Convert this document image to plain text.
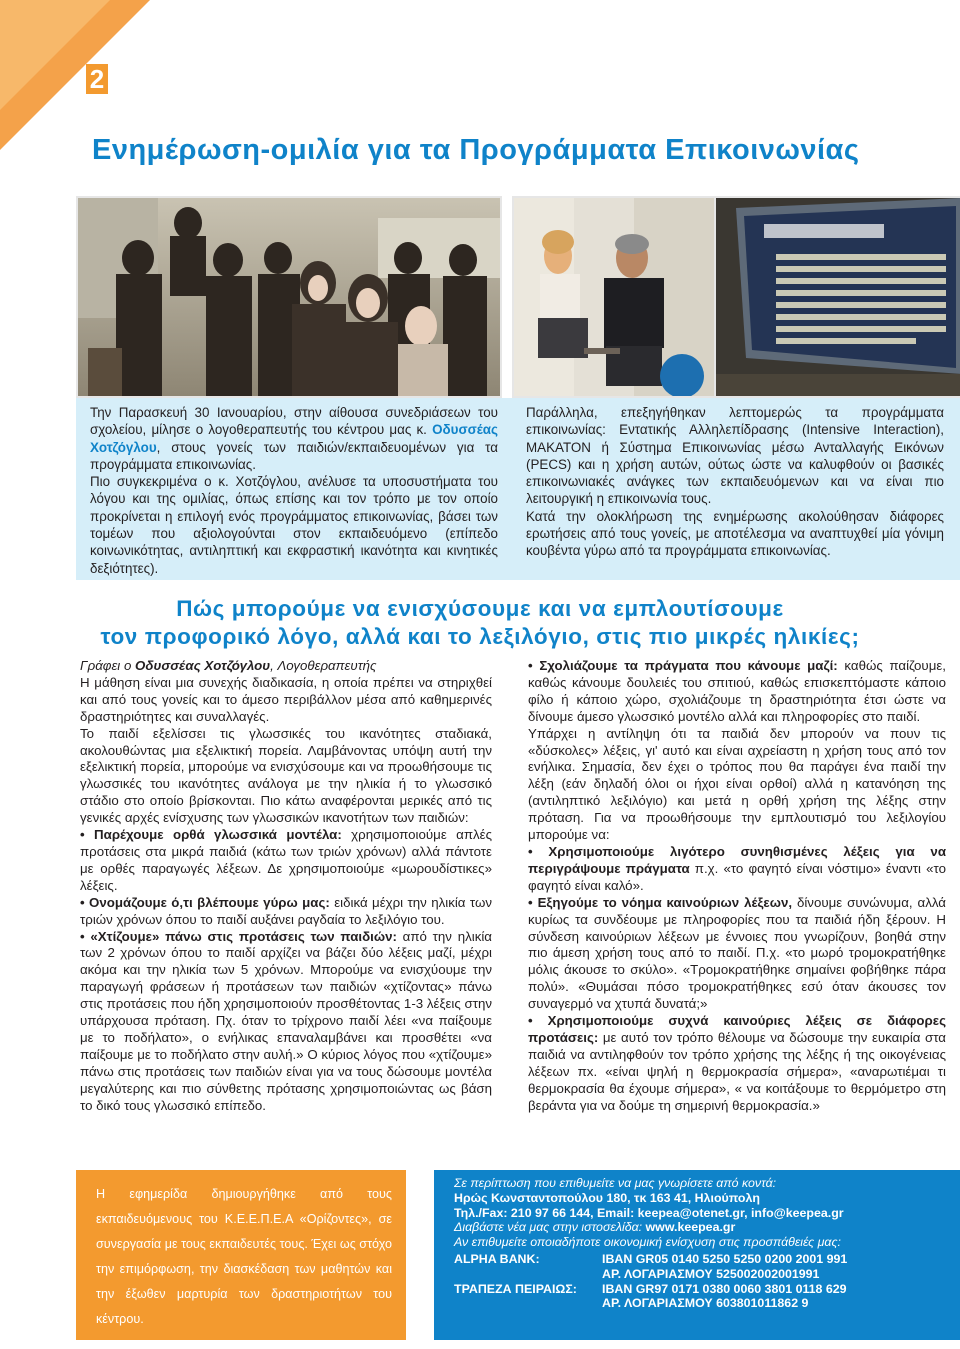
2
Ενημέρωση-ομιλία για τα Προγράμματα Επικοινωνίας

Την Παρασκευή 30 Ιανουαρίου, στην αίθουσα συνεδριάσεων του σχολείου, μίλησε ο λογοθεραπευτής του κέντρου μας κ. Οδυσσέας Χοτζόγλου, στους γονείς των παιδιών/εκπαιδευομένων για τα προγράμματα επικοινωνίας.

Πιο συγκεκριμένα ο κ. Χοτζόγλου, ανέλυσε τα υποσυστήματα του λόγου και της ομιλίας, όπως επίσης και τον τρόπο με τον οποίο προκρίνεται η επιλογή ενός προγράμματος επικοινωνίας, βάσει των τομέων που αξιολογούνται στον εκπαιδευόμενο (επίπεδο κοινωνικότητας, αντιληπτική και εκφραστική ικανότητα και κινητικές δεξιότητες).

Παράλληλα, επεξηγήθηκαν λεπτομερώς τα προγράμματα επικοινωνίας: Εντατικής Αλληλεπίδρασης (Intensive Interaction), ΜΑΚΑΤΟΝ ή Σύστημα Επικοινωνίας μέσω Ανταλλαγής Εικόνων (PECS) και η χρήση αυτών, ούτως ώστε να καλυφθούν οι βασικές επικοινωνιακές ανάγκες των εκπαιδευόμενων και να είναι πιο λειτουργική η επικοινωνία τους.

Κατά την ολοκλήρωση της ενημέρωσης ακολούθησαν διάφορες ερωτήσεις από τους γονείς, με αποτέλεσμα να αναπτυχθεί μία γόνιμη κουβέντα γύρω από τα προγράμματα επικοινωνίας.

Πώς μπορούμε να ενισχύσουμε και να εμπλουτίσουμε
τον προφορικό λόγο, αλλά και το λεξιλόγιο, στις πιο μικρές ηλικίες;

Γράφει ο Οδυσσέας Χοτζόγλου, Λογοθεραπευτής

Η μάθηση είναι μια συνεχής διαδικασία, η οποία πρέπει να στηριχθεί και από τους γονείς και το άμεσο περιβάλλον μέσα από καθημερινές δραστηριότητες και συναλλαγές.

Το παιδί εξελίσσει τις γλωσσικές του ικανότητες σταδιακά, ακολουθώντας μια εξελικτική πορεία. Λαμβάνοντας υπόψη αυτή την εξελικτική πορεία, μπορούμε να ενισχύσουμε και να προωθήσουμε τις γλωσσικές του ικανότητες ανάλογα με την ηλικία ή το γλωσσικό στάδιο στο οποίο βρίσκονται. Πιο κάτω αναφέρονται μερικές από τις γενικές αρχές ενίσχυσης των γλωσσικών ικανοτήτων των παιδιών:

• Παρέχουμε ορθά γλωσσικά μοντέλα: χρησιμοποιούμε απλές προτάσεις στα μικρά παιδιά (κάτω των τριών χρόνων) αλλά πάντοτε με ορθές παραγωγές λέξεων. Δε χρησιμοποιούμε «μωρουδίστικες» λέξεις.

• Ονομάζουμε ό,τι βλέπουμε γύρω μας: ειδικά μέχρι την ηλικία των τριών χρόνων όπου το παιδί αυξάνει ραγδαία το λεξιλόγιο του.

• «Χτίζουμε» πάνω στις προτάσεις των παιδιών: από την ηλικία των 2 χρόνων όπου το παιδί αρχίζει να βάζει δύο λέξεις μαζί, μέχρι ακόμα και την ηλικία των 5 χρόνων. Μπορούμε να ενισχύουμε την παραγωγή φράσεων ή προτάσεων των παιδιών «χτίζοντας» πάνω στις προτάσεις που ήδη χρησιμοποιούν προσθέτοντας 1-3 λέξεις στην υπάρχουσα πρόταση. Πχ. όταν το τρίχρονο παιδί λέει «να παίξουμε με το ποδήλατο», ο ενήλικας επαναλαμβάνει και προσθέτει «να παίξουμε με το ποδήλατο στην αυλή.» Ο κύριος λόγος που «χτίζουμε» πάνω στις προτάσεις των παιδιών είναι για να τους δώσουμε μοντέλα μεγαλύτερης και πιο σύνθετης πρότασης χρησιμοποιώντας ως βάση το δικό τους γλωσσικό επίπεδο.

• Σχολιάζουμε τα πράγματα που κάνουμε μαζί: καθώς παίζουμε, καθώς κάνουμε δουλειές του σπιτιού, καθώς επισκεπτόμαστε κάποιο φίλο ή κάποιο χώρο, σχολιάζουμε τη δραστηριότητα έτσι ώστε να δίνουμε άμεσο γλωσσικό μοντέλο αλλά και πληροφορίες στο παιδί.

Υπάρχει η αντίληψη ότι τα παιδιά δεν μπορούν να πουν τις «δύσκολες» λέξεις, γι' αυτό και είναι αχρείαστη η χρήση τους από τον ενήλικα. Σημασία, δεν έχει ο τρόπος που θα παράγει ένα παιδί την λέξη (εάν δηλαδή όλοι οι ήχοι είναι ορθοί) αλλά η κατανόηση της (αντιληπτικό λεξιλόγιο) και μετά η ορθή χρήση της λέξης στην πρόταση. Για να προωθήσουμε την εμπλουτισμό του λεξιλογίου μπορούμε να:

• Χρησιμοποιούμε λιγότερο συνηθισμένες λέξεις για να περιγράψουμε πράγματα π.χ. «το φαγητό είναι νόστιμο» έναντι «το φαγητό είναι καλό».

• Εξηγούμε το νόημα καινούριων λέξεων, δίνουμε συνώνυμα, αλλά κυρίως τα συνδέουμε με πληροφορίες που τα παιδιά ήδη ξέρουν. Η σύνδεση καινούριων λέξεων με έννοιες που γνωρίζουν, βοηθά στην πιο άμεση χρήση τους από το παιδί. Π.χ. «το μωρό τρομοκρατήθηκε μόλις άκουσε το σκύλο». «Τρομοκρατήθηκε σημαίνει φοβήθηκε πάρα πολύ». «Θυμάσαι πόσο τρομοκρατήθηκες εσύ όταν άκουσες τον συναγερμό να χτυπά δυνατά;»

• Χρησιμοποιούμε συχνά καινούριες λέξεις σε διάφορες προτάσεις: με αυτό τον τρόπο θέλουμε να δώσουμε την ευκαιρία στα παιδιά να αντιληφθούν τον τρόπο χρήσης της λέξης ή της οικογένειας λέξεων πx. «είναι ψηλή η θερμοκρασία σήμερα», «αναρωτιέμαι τι θερμοκρασία θα έχουμε σήμερα», « να κοιτάξουμε το θερμόμετρο στη βεράντα για να δούμε τη σημερινή θερμοκρασία.»

Η εφημερίδα δημιουργήθηκε από τους εκπαιδευόμενους του Κ.Ε.Ε.Π.Ε.Α «Ορίζοντες», σε συνεργασία με τους εκπαιδευτές τους. Έχει ως στόχο την επιμόρφωση, την διασκέδαση των μαθητών και την έξωθεν μαρτυρία των δραστηριοτήτων του κέντρου.
Σε περίπτωση που επιθυμείτε να μας γνωρίσετε από κοντά:
Ηρώς Κωνσταντοπούλου 180, τκ 163 41, Ηλιούπολη
Τηλ./Fax: 210 97 66 144, Email: keepea@otenet.gr, info@keepea.gr
Διαβάστε νέα μας στην ιστοσελίδα: www.keepea.gr
Αν επιθυμείτε οποιαδήποτε οικονομική ενίσχυση στις προσπάθειές μας:
ALPHA BANK:	IBAN GR05 0140 5250 5250 0200 2001 991
ΑΡ. ΛΟΓΑΡΙΑΣΜΟΥ 525002002001991
ΤΡΑΠΕΖΑ ΠΕΙΡΑΙΩΣ:	IBAN GR97 0171 0380 0060 3801 0118 629
ΑΡ. ΛΟΓΑΡΙΑΣΜΟΥ 603801011862 9
